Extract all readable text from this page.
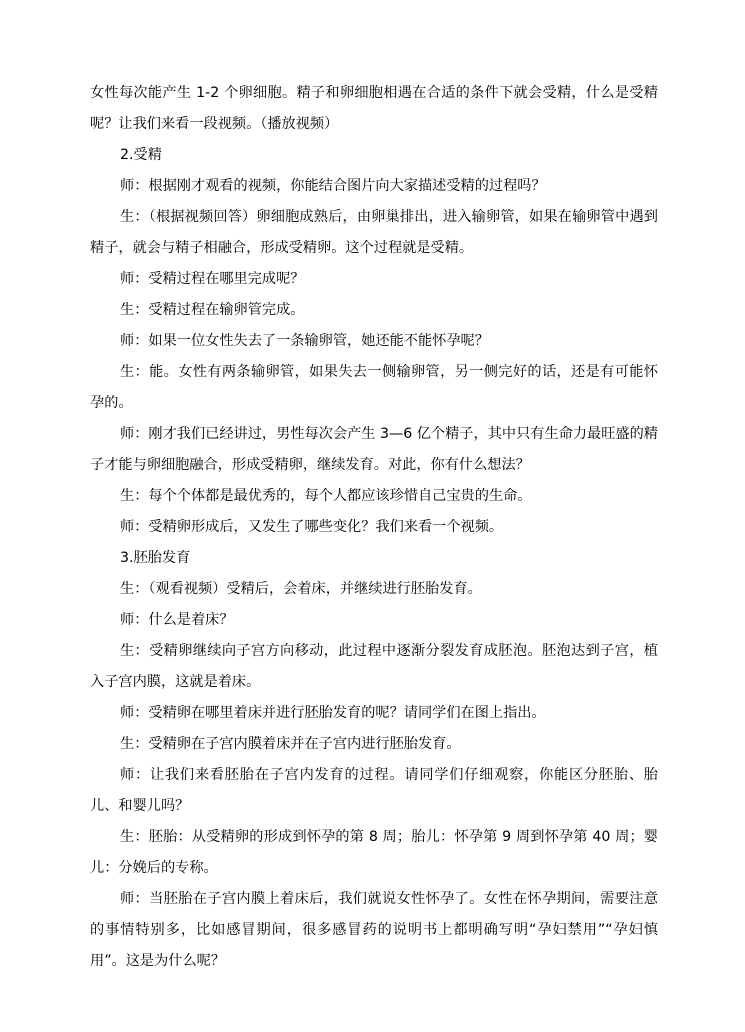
女性每次能产生 1-2 个卵细胞。精子和卵细胞相遇在合适的条件下就会受精，什么是受精呢？让我们来看一段视频。（播放视频）

2.受精

师：根据刚才观看的视频，你能结合图片向大家描述受精的过程吗？

生：（根据视频回答）卵细胞成熟后，由卵巢排出，进入输卵管，如果在输卵管中遇到精子，就会与精子相融合，形成受精卵。这个过程就是受精。

师：受精过程在哪里完成呢？

生：受精过程在输卵管完成。

师：如果一位女性失去了一条输卵管，她还能不能怀孕呢？

生：能。女性有两条输卵管，如果失去一侧输卵管，另一侧完好的话，还是有可能怀孕的。

师：刚才我们已经讲过，男性每次会产生 3—6 亿个精子，其中只有生命力最旺盛的精子才能与卵细胞融合，形成受精卵，继续发育。对此，你有什么想法？

生：每个个体都是最优秀的，每个人都应该珍惜自己宝贵的生命。

师：受精卵形成后，又发生了哪些变化？我们来看一个视频。

3.胚胎发育

生：（观看视频）受精后，会着床，并继续进行胚胎发育。

师：什么是着床？

生：受精卵继续向子宫方向移动，此过程中逐渐分裂发育成胚泡。胚泡达到子宫，植入子宫内膜，这就是着床。

师：受精卵在哪里着床并进行胚胎发育的呢？请同学们在图上指出。

生：受精卵在子宫内膜着床并在子宫内进行胚胎发育。

师：让我们来看胚胎在子宫内发育的过程。请同学们仔细观察，你能区分胚胎、胎儿、和婴儿吗？

生：胚胎：从受精卵的形成到怀孕的第 8 周；胎儿：怀孕第 9 周到怀孕第 40 周；婴儿：分娩后的专称。

师：当胚胎在子宫内膜上着床后，我们就说女性怀孕了。女性在怀孕期间，需要注意的事情特别多，比如感冒期间，很多感冒药的说明书上都明确写明“孕妇禁用”“孕妇慎用”。这是为什么呢？
